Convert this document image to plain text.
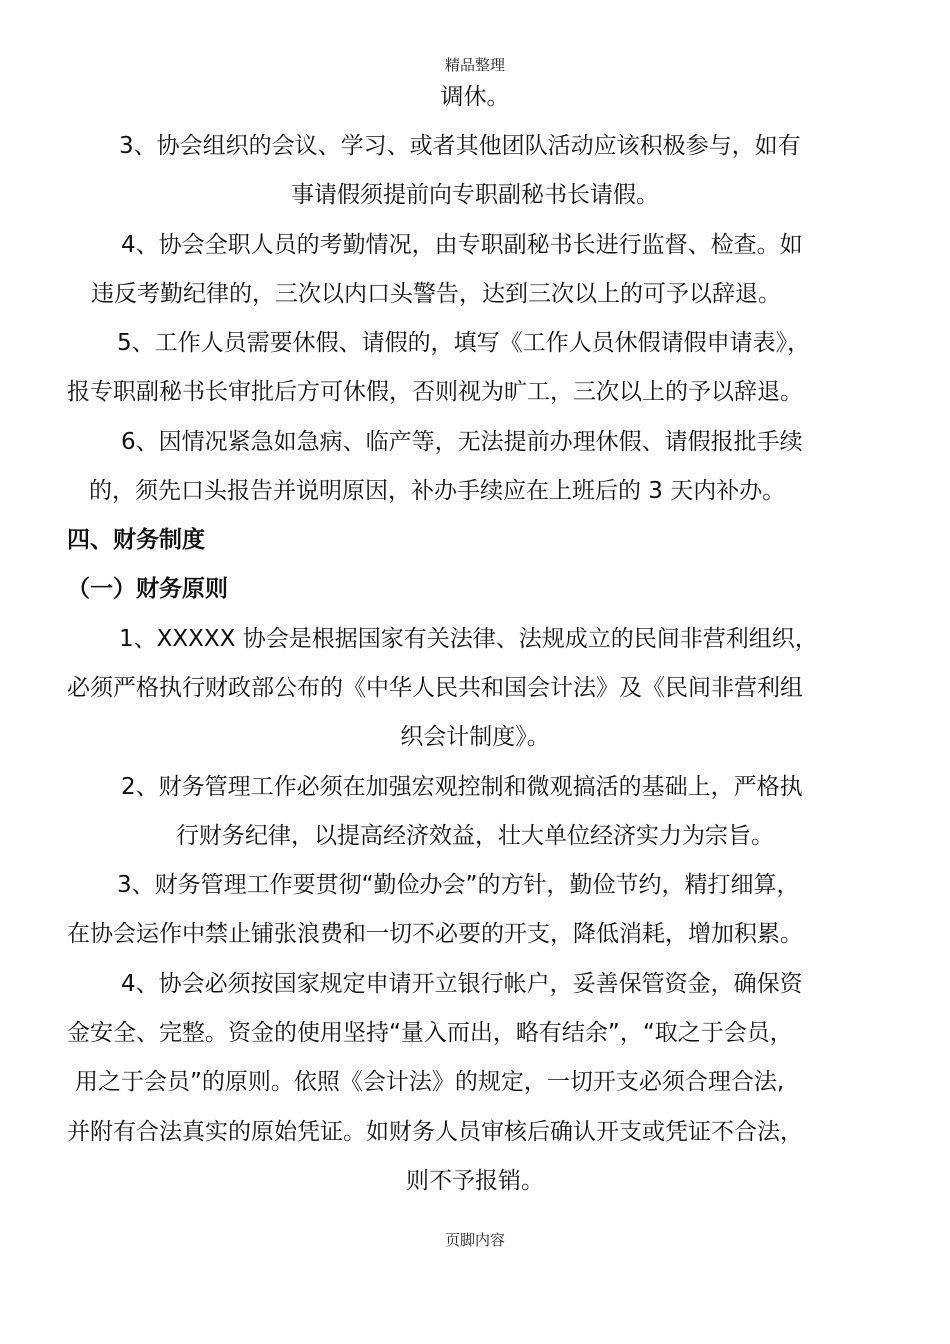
精品整理
调休。
3、协会组织的会议、学习、或者其他团队活动应该积极参与，如有
事请假须提前向专职副秘书长请假。
4、协会全职人员的考勤情况，由专职副秘书长进行监督、检查。如
违反考勤纪律的，三次以内口头警告，达到三次以上的可予以辞退。
5、工作人员需要休假、请假的，填写《工作人员休假请假申请表》，
报专职副秘书长审批后方可休假，否则视为旷工，三次以上的予以辞退。
6、因情况紧急如急病、临产等，无法提前办理休假、请假报批手续
的，须先口头报告并说明原因，补办手续应在上班后的 3 天内补办。
四、财务制度
（一）财务原则
1、XXXXX 协会是根据国家有关法律、法规成立的民间非营利组织，
必须严格执行财政部公布的《中华人民共和国会计法》及《民间非营利组
织会计制度》。
2、财务管理工作必须在加强宏观控制和微观搞活的基础上，严格执
行财务纪律，以提高经济效益，壮大单位经济实力为宗旨。
3、财务管理工作要贯彻“勤俭办会”的方针，勤俭节约，精打细算，
在协会运作中禁止铺张浪费和一切不必要的开支，降低消耗，增加积累。
4、协会必须按国家规定申请开立银行帐户，妥善保管资金，确保资
金安全、完整。资金的使用坚持“量入而出，略有结余”，“取之于会员，
用之于会员”的原则。依照《会计法》的规定，一切开支必须合理合法,
并附有合法真实的原始凭证。如财务人员审核后确认开支或凭证不合法，
则不予报销。
页脚内容
